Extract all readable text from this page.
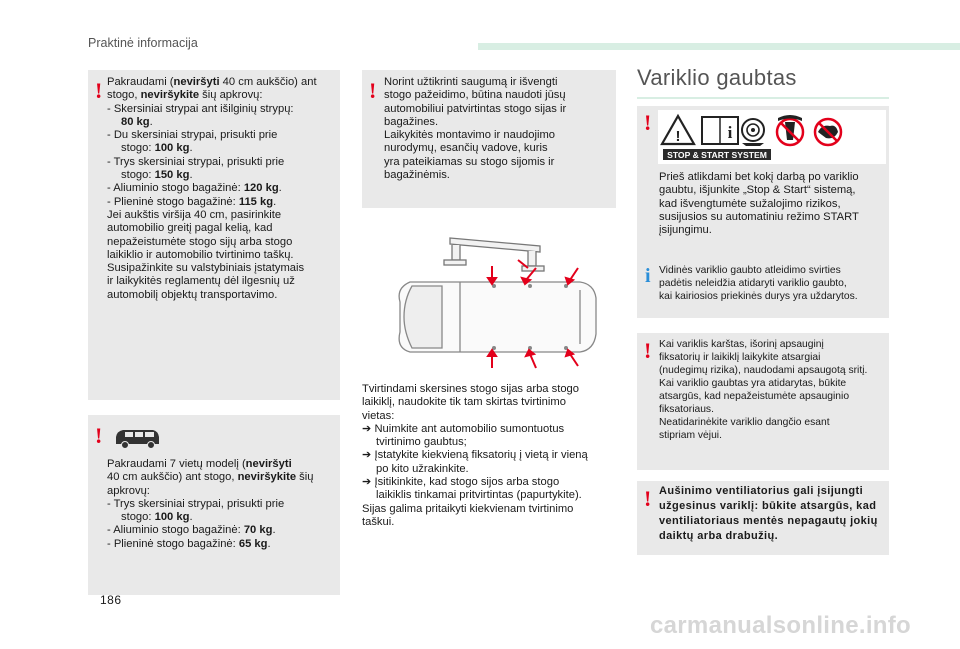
Praktinė informacija
! Pakraudami (neviršyti 40 cm aukščio) ant
stogo, neviršykite šių apkrovų:
- Skersiniai strypai ant išilginių strypų:
80 kg.
- Du skersiniai strypai, prisukti prie
stogo: 100 kg.
- Trys skersiniai strypai, prisukti prie
stogo: 150 kg.
- Aliuminio stogo bagažinė: 120 kg.
- Plieninė stogo bagažinė: 115 kg.
Jei aukštis viršija 40 cm, pasirinkite
automobilio greitį pagal kelią, kad
nepažeistumėte stogo sijų arba stogo
laikiklio ir automobilio tvirtinimo taškų.
Susipažinkite su valstybiniais įstatymais
ir laikykitės reglamentų dėl ilgesnių už
automobilį objektų transportavimo.
!
Pakraudami 7 vietų modelį (neviršyti
40 cm aukščio) ant stogo, neviršykite šių
apkrovų:
- Trys skersiniai strypai, prisukti prie
stogo: 100 kg.
- Aliuminio stogo bagažinė: 70 kg.
- Plieninė stogo bagažinė: 65 kg.
! Norint užtikrinti saugumą ir išvengti
stogo pažeidimo, būtina naudoti jūsų
automobiliui patvirtintas stogo sijas ir
bagažines.
Laikykitės montavimo ir naudojimo
nurodymų, esančių vadove, kuris
yra pateikiamas su stogo sijomis ir
bagažinėmis.
Tvirtindami skersines stogo sijas arba stogo
laikiklį, naudokite tik tam skirtas tvirtinimo
vietas:
➔ Nuimkite ant automobilio sumontuotus
tvirtinimo gaubtus;
➔ Įstatykite kiekvieną fiksatorių į vietą ir vieną
po kito užrakinkite.
➔ Įsitikinkite, kad stogo sijos arba stogo
laikiklis tinkamai pritvirtintas (papurtykite).
Sijas galima pritaikyti kiekvienam tvirtinimo
taškui.
Variklio gaubtas
!
!	i
STOP & START SYSTEM
Prieš atlikdami bet kokį darbą po variklio
gaubtu, išjunkite „Stop & Start“ sistemą,
kad išvengtumėte sužalojimo rizikos,
susijusios su automatiniu režimo START
įsijungimu.
i Vidinės variklio gaubto atleidimo svirties
padėtis neleidžia atidaryti variklio gaubto,
kai kairiosios priekinės durys yra uždarytos.
! Kai variklis karštas, išorinį apsauginį
fiksatorių ir laikiklį laikykite atsargiai
(nudegimų rizika), naudodami apsaugotą sritį.
Kai variklio gaubtas yra atidarytas, būkite
atsargūs, kad nepažeistumėte apsauginio
fiksatoriaus.
Neatidarinėkite variklio dangčio esant
stipriam vėjui.
! Aušinimo ventiliatorius gali įsijungti
užgesinus variklį: būkite atsargūs, kad
ventiliatoriaus mentės nepagautų jokių
daiktų arba drabužių.
186
carmanualsonline.info
